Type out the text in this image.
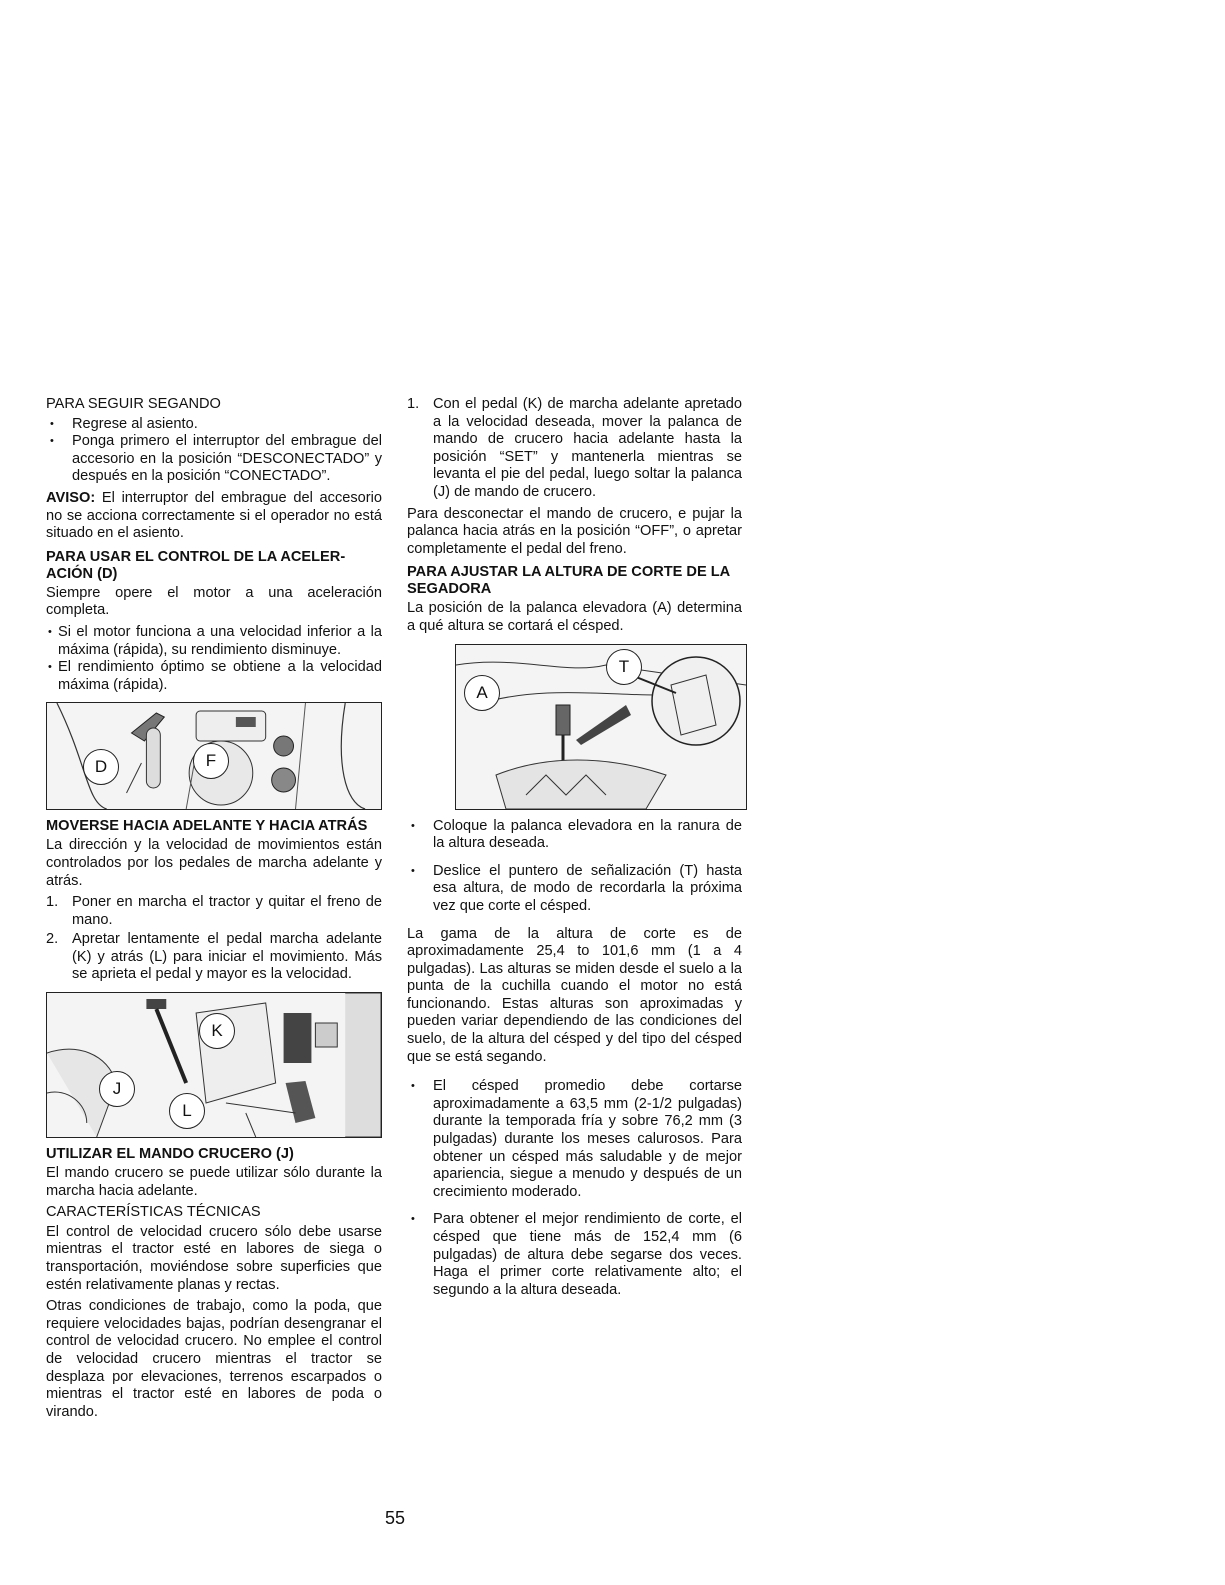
PARA SEGUIR SEGANDO
• Regrese al asiento.
• Ponga primero el interruptor del embrague del accesorio en la posición “DESCONECTADO” y después en la posición “CONECTADO”.

AVISO: El interruptor del embrague del accesorio no se acciona correctamente si el operador no está situado en el asiento.

PARA USAR EL CONTROL DE LA ACELER-ACIÓN (D)

Siempre opere el motor a una aceleración completa.

• Si el motor funciona a una velocidad inferior a la máxima (rápida), su rendimiento disminuye.
• El rendimiento óptimo se obtiene a la velocidad máxima (rápida).
D	F
MOVERSE HACIA ADELANTE Y HACIA ATRÁS

La dirección y la velocidad de movimientos están controlados por los pedales de marcha adelante y atrás.

1. Poner en marcha el tractor y quitar el freno de mano.
2. Apretar lentamente el pedal marcha adelante (K) y atrás (L) para iniciar el movimiento. Más se aprieta el pedal y mayor es la velocidad.
K
J
L
UTILIZAR EL MANDO CRUCERO (J)

El mando crucero se puede utilizar sólo durante la marcha hacia adelante.

CARACTERÍSTICAS TÉCNICAS

El control de velocidad crucero sólo debe usarse mientras el tractor esté en labores de siega o transportación, moviéndose sobre superficies que estén relativamente planas y rectas.

Otras condiciones de trabajo, como la poda, que requiere velocidades bajas, podrían desengranar el control de velocidad crucero. No emplee el control de velocidad crucero mientras el tractor se desplaza por elevaciones, terrenos escarpados o mientras el tractor esté en labores de poda o virando.

1. Con el pedal (K) de marcha adelante apretado a la velocidad deseada, mover la palanca de mando de crucero hacia adelante hasta la posición “SET” y mantenerla mientras se levanta el pie del pedal, luego soltar la palanca (J) de mando de crucero.

Para desconectar el mando de crucero, e pujar la palanca hacia atrás en la posición “OFF”, o apretar completamente el pedal del freno.

PARA AJUSTAR LA ALTURA DE CORTE DE LA SEGADORA

La posición de la palanca elevadora (A) determina a qué altura se cortará el césped.

T
A
• Coloque la palanca elevadora en la ranura de la altura deseada.
• Deslice el puntero de señalización (T) hasta esa altura, de modo de recordarla la próxima vez que corte el césped.

La gama de la altura de corte es de aproximadamente 25,4 to 101,6 mm (1 a 4 pulgadas). Las alturas se miden desde el suelo a la punta de la cuchilla cuando el motor no está funcionando. Estas alturas son aproximadas y pueden variar dependiendo de las condiciones del suelo, de la altura del césped y del tipo del césped que se está segando.

• El césped promedio debe cortarse aproximadamente a 63,5 mm (2-1/2 pulgadas) durante la temporada fría y sobre 76,2 mm (3 pulgadas) durante los meses calurosos. Para obtener un césped más saludable y de mejor apariencia, siegue a menudo y después de un crecimiento moderado.
• Para obtener el mejor rendimiento de corte, el césped que tiene más de 152,4 mm (6 pulgadas) de altura debe segarse dos veces. Haga el primer corte relativamente alto; el segundo a la altura deseada.
55
